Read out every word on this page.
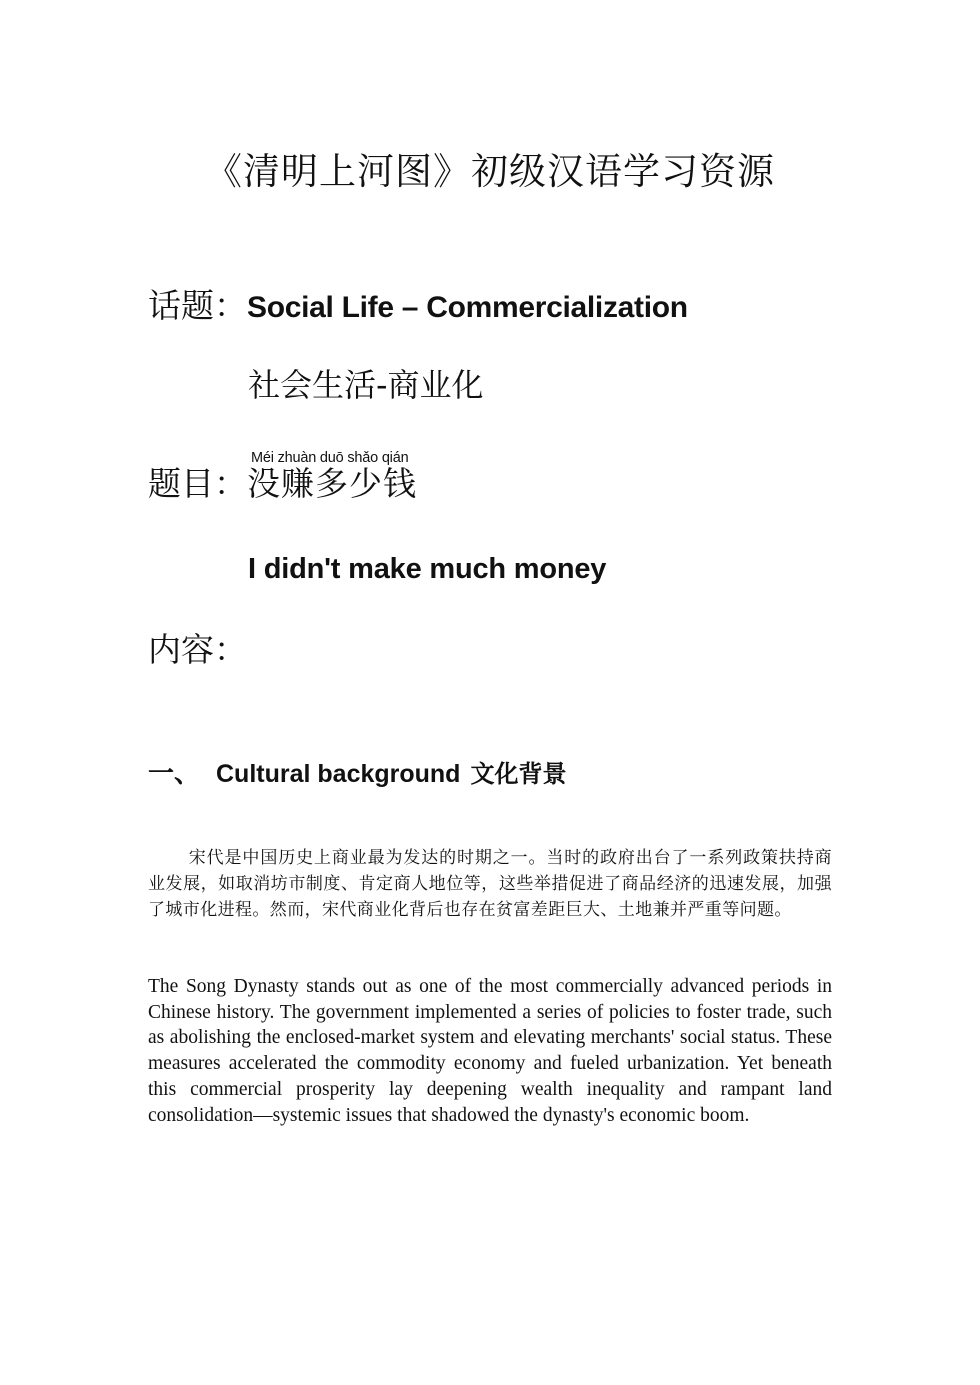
《清明上河图》初级汉语学习资源
话题：Social Life – Commercialization
社会生活-商业化
Méi zhuàn duō shǎo qián
题目：没赚多少钱
I didn't make much money
内容：
一、 Cultural background 文化背景

宋代是中国历史上商业最为发达的时期之一。当时的政府出台了一系列政策扶持商业发展，如取消坊市制度、肯定商人地位等，这些举措促进了商品经济的迅速发展，加强了城市化进程。然而，宋代商业化背后也存在贫富差距巨大、土地兼并严重等问题。

The Song Dynasty stands out as one of the most commercially advanced periods in Chinese history. The government implemented a series of policies to foster trade, such as abolishing the enclosed-market system and elevating merchants' social status. These measures accelerated the commodity economy and fueled urbanization. Yet beneath this commercial prosperity lay deepening wealth inequality and rampant land consolidation—systemic issues that shadowed the dynasty's economic boom.
